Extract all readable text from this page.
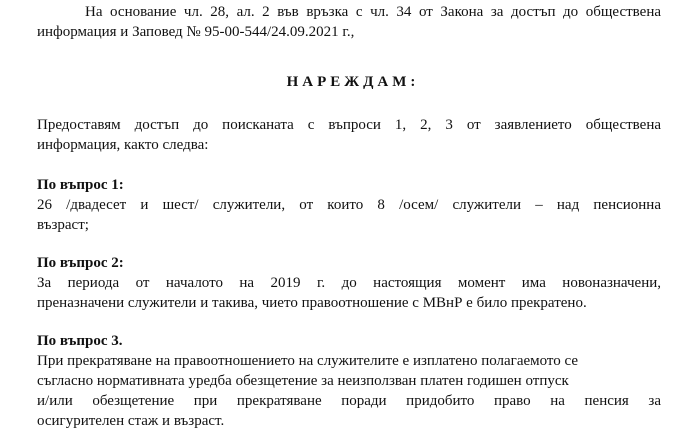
На основание чл. 28, ал. 2 във връзка с чл. 34 от Закона за достъп до обществена
информация и Заповед № 95-00-544/24.09.2021 г.,

НАРЕЖДАМ:

Предоставям достъп до поисканата с въпроси 1, 2, 3 от заявлението обществена
информация, както следва:

По въпрос 1:

26 /двадесет и шест/ служители, от които 8 /осем/ служители – над пенсионна
възраст;

По въпрос 2:

За периода от началото на 2019 г. до настоящия момент има новоназначени,
преназначени служители и такива, чието правоотношение с МВнР е било прекратено.

По въпрос 3.

При прекратяване на правоотношението на служителите е изплатено полагаемото се
съгласно нормативната уредба обезщетение за неизползван платен годишен отпуск
и/или обезщетение при прекратяване поради придобито право на пенсия за
осигурителен стаж и възраст.
